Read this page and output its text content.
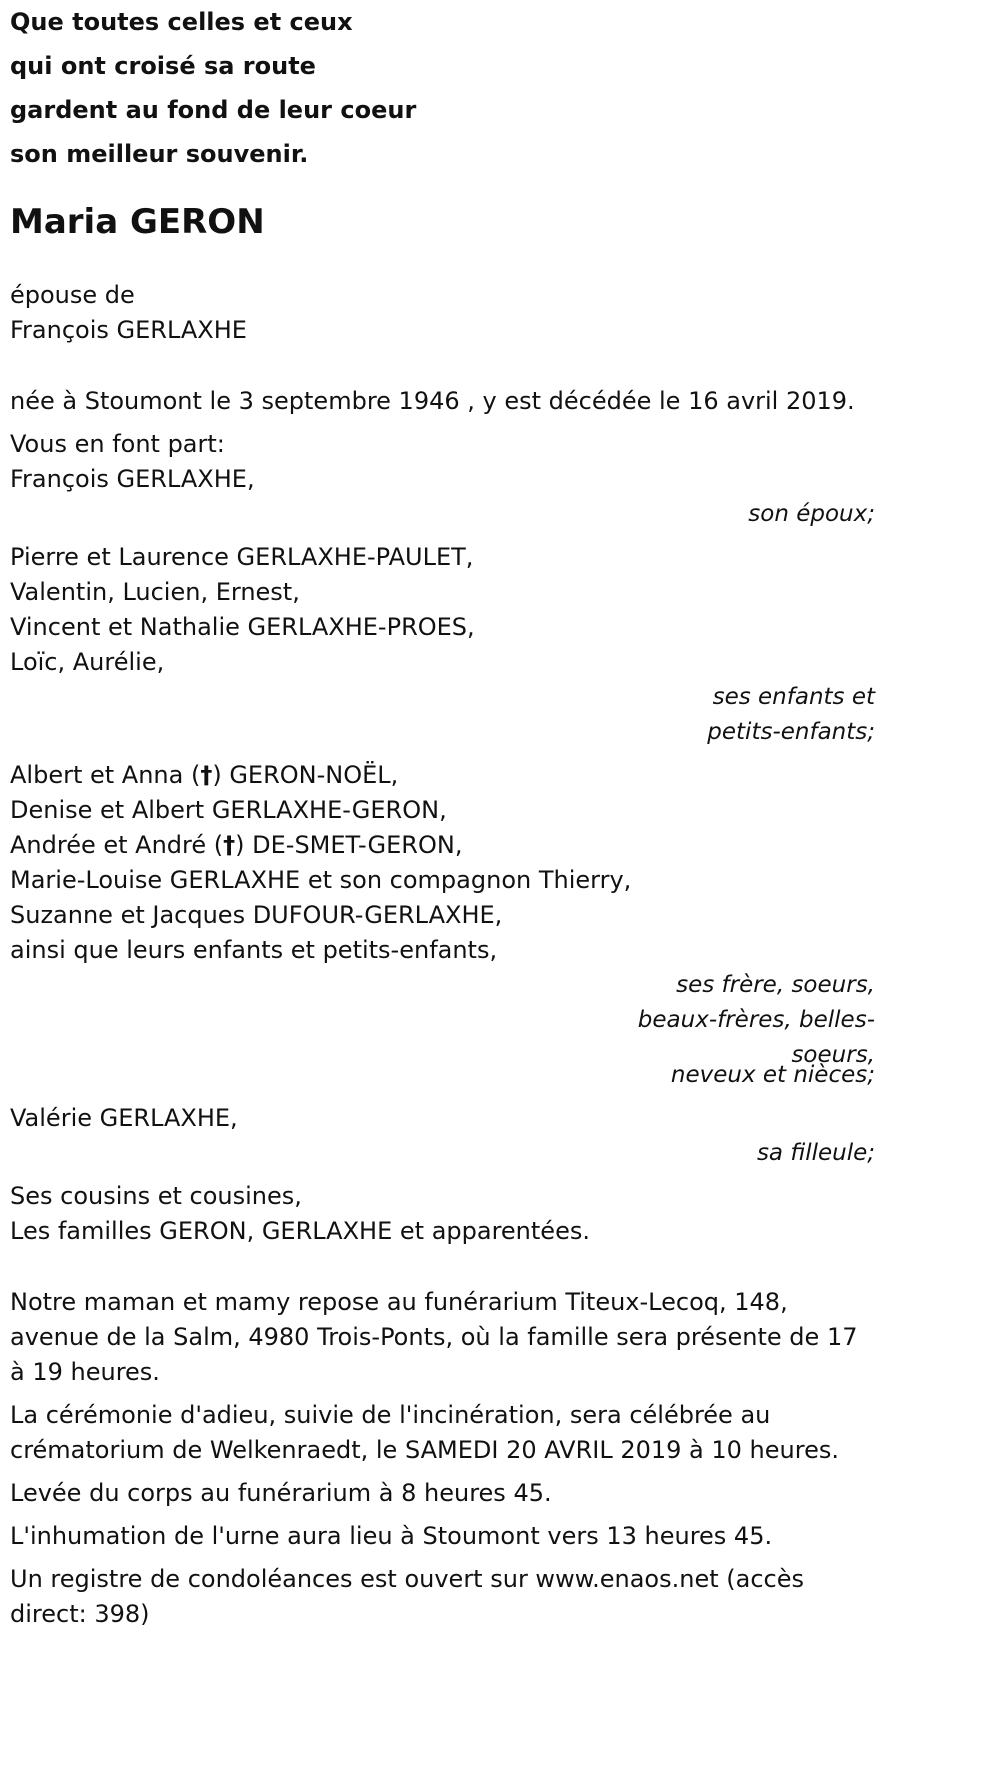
Que toutes celles et ceux
qui ont croisé sa route
gardent au fond de leur coeur
son meilleur souvenir.
Maria GERON
épouse de
François GERLAXHE
née à Stoumont le 3 septembre 1946 , y est décédée le 16 avril 2019.
Vous en font part:
François GERLAXHE,
son époux;
Pierre et Laurence GERLAXHE-PAULET,
Valentin, Lucien, Ernest,
Vincent et Nathalie GERLAXHE-PROES,
Loïc, Aurélie,
ses enfants et
petits-enfants;
Albert et Anna (†) GERON-NOËL,
Denise et Albert GERLAXHE-GERON,
Andrée et André (†) DE-SMET-GERON,
Marie-Louise GERLAXHE et son compagnon Thierry,
Suzanne et Jacques DUFOUR-GERLAXHE,
ainsi que leurs enfants et petits-enfants,
ses frère, soeurs, beaux-frères, belles-soeurs,
neveux et nièces;
Valérie GERLAXHE,
sa filleule;
Ses cousins et cousines,
Les familles GERON, GERLAXHE et apparentées.
Notre maman et mamy repose au funérarium Titeux-Lecoq, 148, avenue de la Salm, 4980 Trois-Ponts, où la famille sera présente de 17 à 19 heures.
La cérémonie d'adieu, suivie de l'incinération, sera célébrée au crématorium de Welkenraedt, le SAMEDI 20 AVRIL 2019 à 10 heures.
Levée du corps au funérarium à 8 heures 45.
L'inhumation de l'urne aura lieu à Stoumont vers 13 heures 45.
Un registre de condoléances est ouvert sur www.enaos.net (accès direct: 398)
